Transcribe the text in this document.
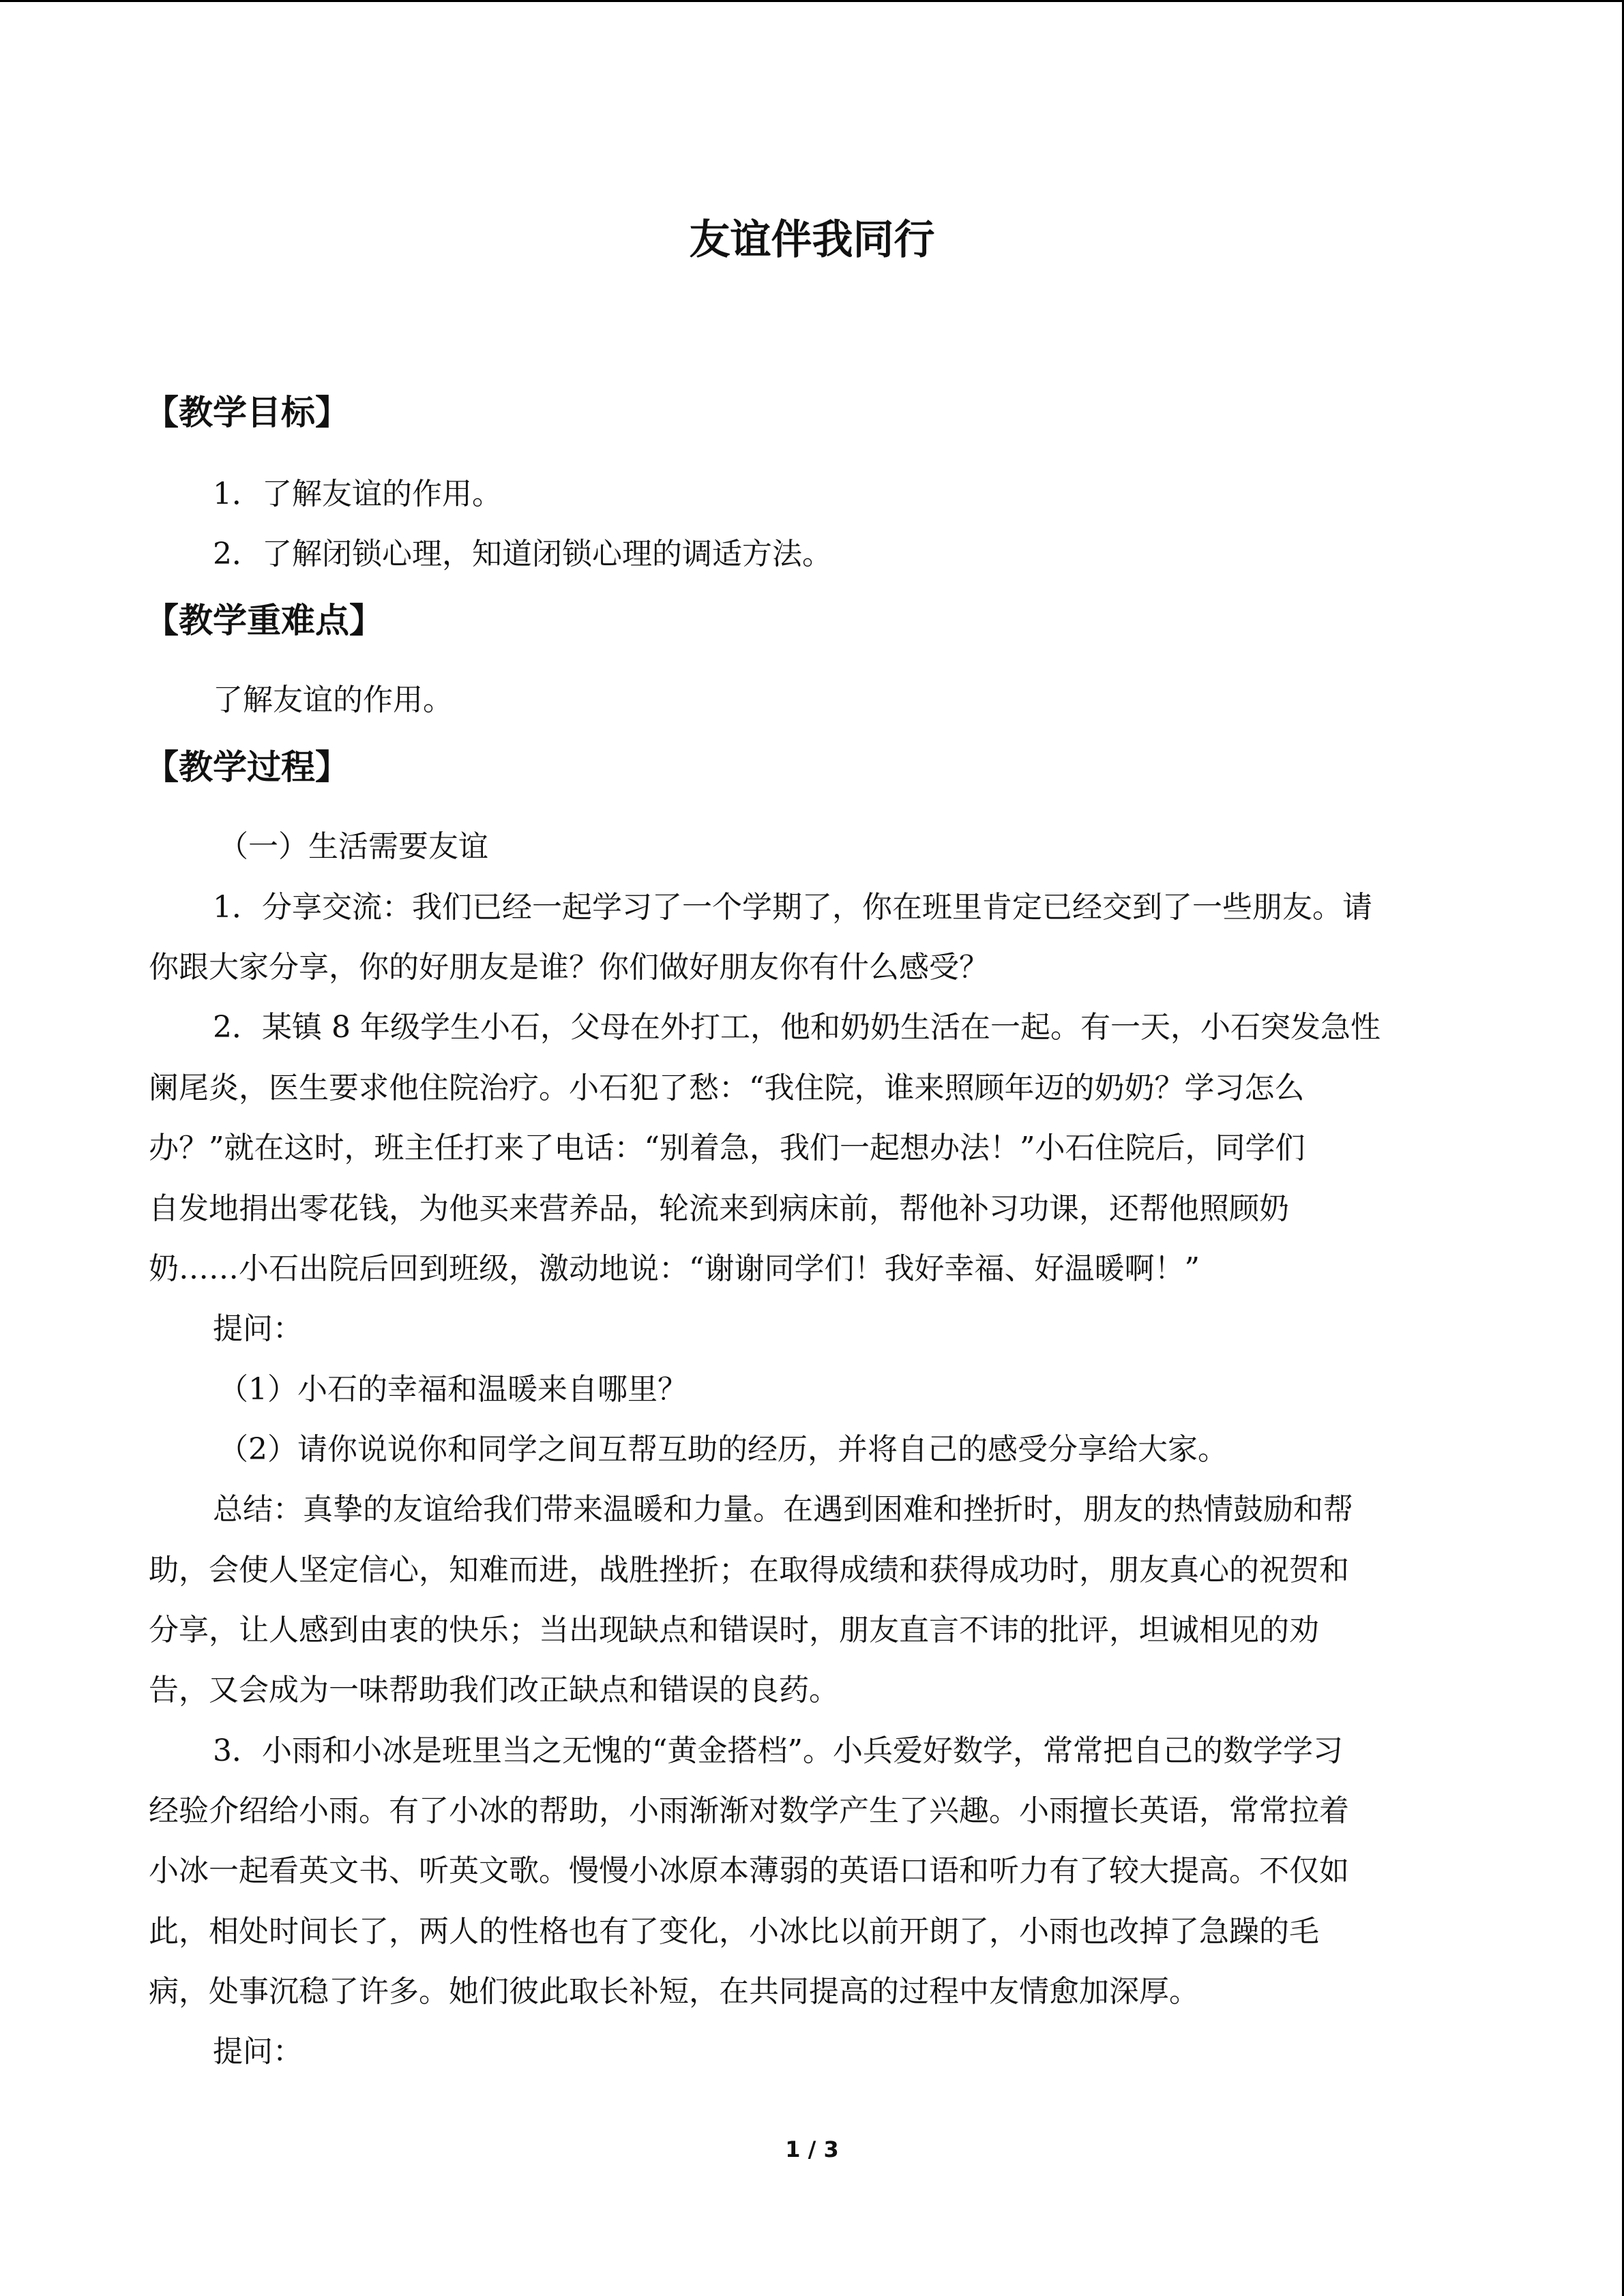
友谊伴我同行
【教学目标】

1．了解友谊的作用。

2．了解闭锁心理，知道闭锁心理的调适方法。

【教学重难点】

了解友谊的作用。

【教学过程】

（一）生活需要友谊

1．分享交流：我们已经一起学习了一个学期了，你在班里肯定已经交到了一些朋友。请

你跟大家分享，你的好朋友是谁？你们做好朋友你有什么感受？

2．某镇 8 年级学生小石，父母在外打工，他和奶奶生活在一起。有一天，小石突发急性

阑尾炎，医生要求他住院治疗。小石犯了愁：“我住院，谁来照顾年迈的奶奶？学习怎么

办？”就在这时，班主任打来了电话：“别着急，我们一起想办法！”小石住院后，同学们

自发地捐出零花钱，为他买来营养品，轮流来到病床前，帮他补习功课，还帮他照顾奶

奶……小石出院后回到班级，激动地说：“谢谢同学们！我好幸福、好温暖啊！”

提问：

（1）小石的幸福和温暖来自哪里？

（2）请你说说你和同学之间互帮互助的经历，并将自己的感受分享给大家。

总结：真挚的友谊给我们带来温暖和力量。在遇到困难和挫折时，朋友的热情鼓励和帮

助，会使人坚定信心，知难而进，战胜挫折；在取得成绩和获得成功时，朋友真心的祝贺和

分享，让人感到由衷的快乐；当出现缺点和错误时，朋友直言不讳的批评，坦诚相见的劝

告，又会成为一味帮助我们改正缺点和错误的良药。

3．小雨和小冰是班里当之无愧的“黄金搭档”。小兵爱好数学，常常把自己的数学学习

经验介绍给小雨。有了小冰的帮助，小雨渐渐对数学产生了兴趣。小雨擅长英语，常常拉着

小冰一起看英文书、听英文歌。慢慢小冰原本薄弱的英语口语和听力有了较大提高。不仅如

此，相处时间长了，两人的性格也有了变化，小冰比以前开朗了，小雨也改掉了急躁的毛

病，处事沉稳了许多。她们彼此取长补短，在共同提高的过程中友情愈加深厚。

提问：

1 / 3
